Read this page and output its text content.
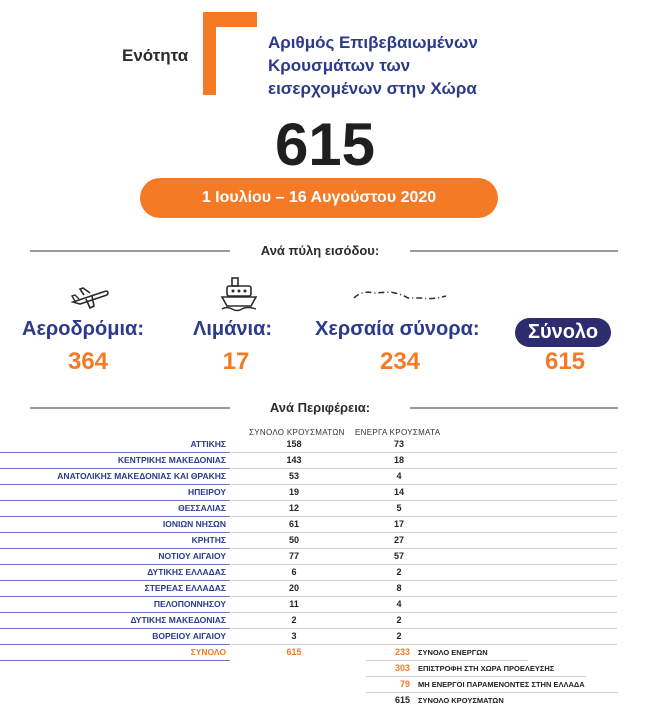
Ενότητα
Αριθμός Επιβεβαιωμένων
Κρουσμάτων των
εισερχομένων στην Χώρα
615
1 Ιουλίου – 16 Αυγούστου 2020
Ανά πύλη εισόδου:
Αεροδρόμια:
364
Λιμάνια:
17
Χερσαία σύνορα:
234
Σύνολο
615
Ανά Περιφέρεια:
ΣΥΝΟΛΟ ΚΡΟΥΣΜΑΤΩΝ ΕΝΕΡΓΑ ΚΡΟΥΣΜΑΤΑ
ΑΤΤΙΚΗΣ	158	73
ΚΕΝΤΡΙΚΗΣ ΜΑΚΕΔΟΝΙΑΣ	143	18
ΑΝΑΤΟΛΙΚΗΣ ΜΑΚΕΔΟΝΙΑΣ ΚΑΙ ΘΡΑΚΗΣ	53	4
ΗΠΕΙΡΟΥ	19	14
ΘΕΣΣΑΛΙΑΣ	12	5
ΙΟΝΙΩΝ ΝΗΣΩΝ	61	17
ΚΡΗΤΗΣ	50	27
ΝΟΤΙΟΥ ΑΙΓΑΙΟΥ	77	57
ΔΥΤΙΚΗΣ ΕΛΛΑΔΑΣ	6	2
ΣΤΕΡΕΑΣ ΕΛΛΑΔΑΣ	20	8
ΠΕΛΟΠΟΝΝΗΣΟΥ	11	4
ΔΥΤΙΚΗΣ ΜΑΚΕΔΟΝΙΑΣ	2	2
ΒΟΡΕΙΟΥ ΑΙΓΑΙΟΥ	3	2
ΣΥΝΟΛΟ	615	233 ΣΥΝΟΛΟ ΕΝΕΡΓΩΝ
303 ΕΠΙΣΤΡΟΦΗ ΣΤΗ ΧΩΡΑ ΠΡΟΕΛΕΥΣΗΣ
79 ΜΗ ΕΝΕΡΓΟΙ ΠΑΡΑΜΕΝΟΝΤΕΣ ΣΤΗΝ ΕΛΛΑΔΑ
615 ΣΥΝΟΛΟ ΚΡΟΥΣΜΑΤΩΝ
